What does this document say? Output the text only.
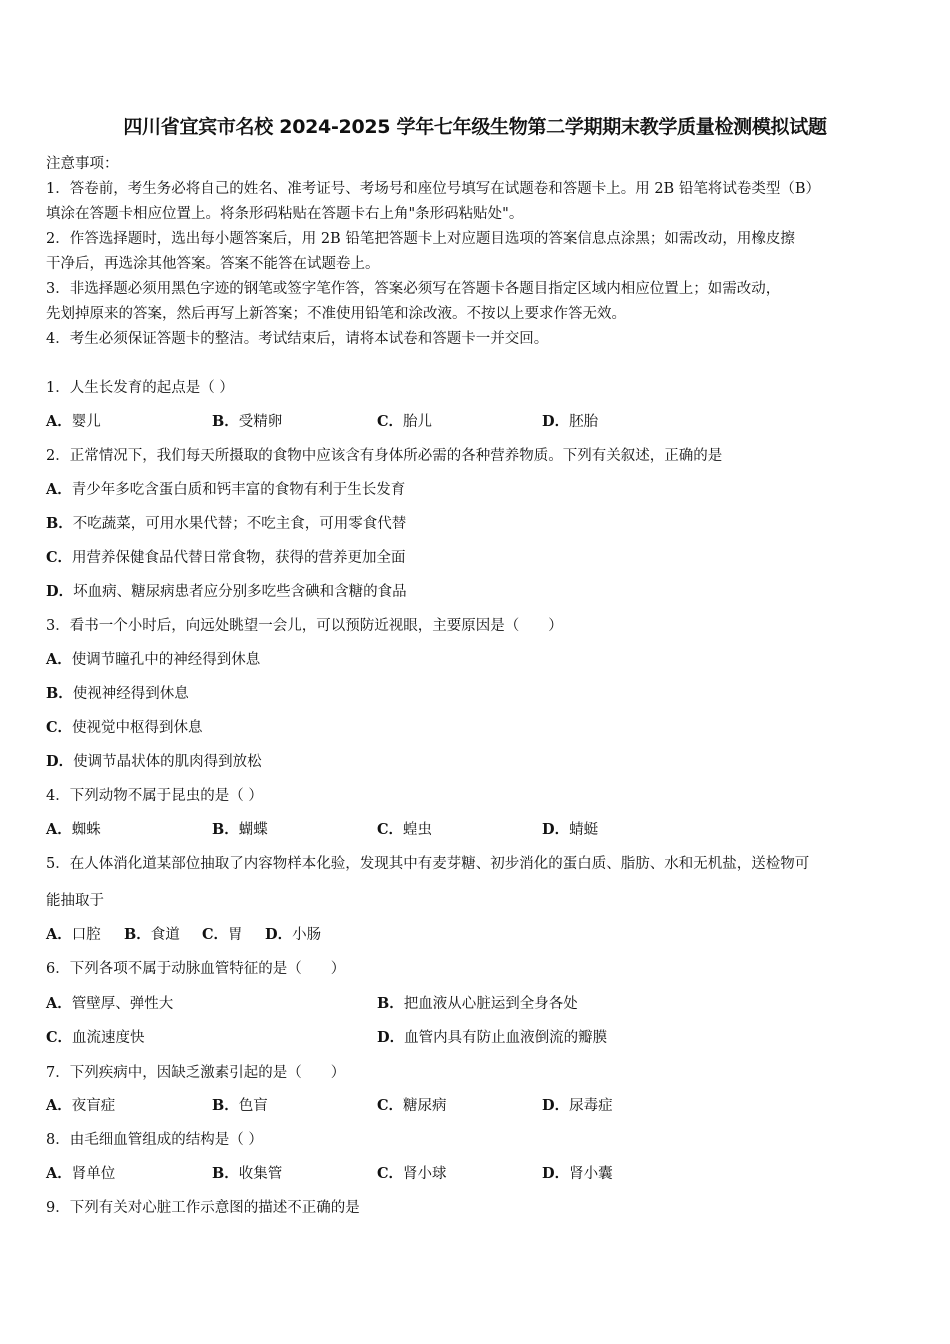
四川省宜宾市名校 2024-2025 学年七年级生物第二学期期末教学质量检测模拟试题
注意事项：
1．答卷前，考生务必将自己的姓名、准考证号、考场号和座位号填写在试题卷和答题卡上。用 2B 铅笔将试卷类型（B）
填涂在答题卡相应位置上。将条形码粘贴在答题卡右上角"条形码粘贴处"。
2．作答选择题时，选出每小题答案后，用 2B 铅笔把答题卡上对应题目选项的答案信息点涂黑；如需改动，用橡皮擦
干净后，再选涂其他答案。答案不能答在试题卷上。
3．非选择题必须用黑色字迹的钢笔或签字笔作答，答案必须写在答题卡各题目指定区域内相应位置上；如需改动，
先划掉原来的答案，然后再写上新答案；不准使用铅笔和涂改液。不按以上要求作答无效。
4．考生必须保证答题卡的整洁。考试结束后，请将本试卷和答题卡一并交回。
1．人生长发育的起点是（ ）
A．婴儿	B．受精卵	C．胎儿	D．胚胎
2．正常情况下，我们每天所摄取的食物中应该含有身体所必需的各种营养物质。下列有关叙述，正确的是
A．青少年多吃含蛋白质和钙丰富的食物有利于生长发育
B．不吃蔬菜，可用水果代替；不吃主食，可用零食代替
C．用营养保健食品代替日常食物，获得的营养更加全面
D．坏血病、糖尿病患者应分别多吃些含碘和含糖的食品
3．看书一个小时后，向远处眺望一会儿，可以预防近视眼，主要原因是（　　）
A．使调节瞳孔中的神经得到休息
B．使视神经得到休息
C．使视觉中枢得到休息
D．使调节晶状体的肌肉得到放松
4．下列动物不属于昆虫的是（ ）
A．蜘蛛	B．蝴蝶	C．蝗虫	D．蜻蜓
5．在人体消化道某部位抽取了内容物样本化验，发现其中有麦芽糖、初步消化的蛋白质、脂肪、水和无机盐，送检物可
能抽取于
A．口腔 B．食道 C．胃 D．小肠
6．下列各项不属于动脉血管特征的是（　　）
A．管壁厚、弹性大	B．把血液从心脏运到全身各处
C．血流速度快	D．血管内具有防止血液倒流的瓣膜
7．下列疾病中，因缺乏激素引起的是（　　）
A．夜盲症	B．色盲	C．糖尿病	D．尿毒症
8．由毛细血管组成的结构是（ ）
A．肾单位	B．收集管	C．肾小球	D．肾小囊
9．下列有关对心脏工作示意图的描述不正确的是
